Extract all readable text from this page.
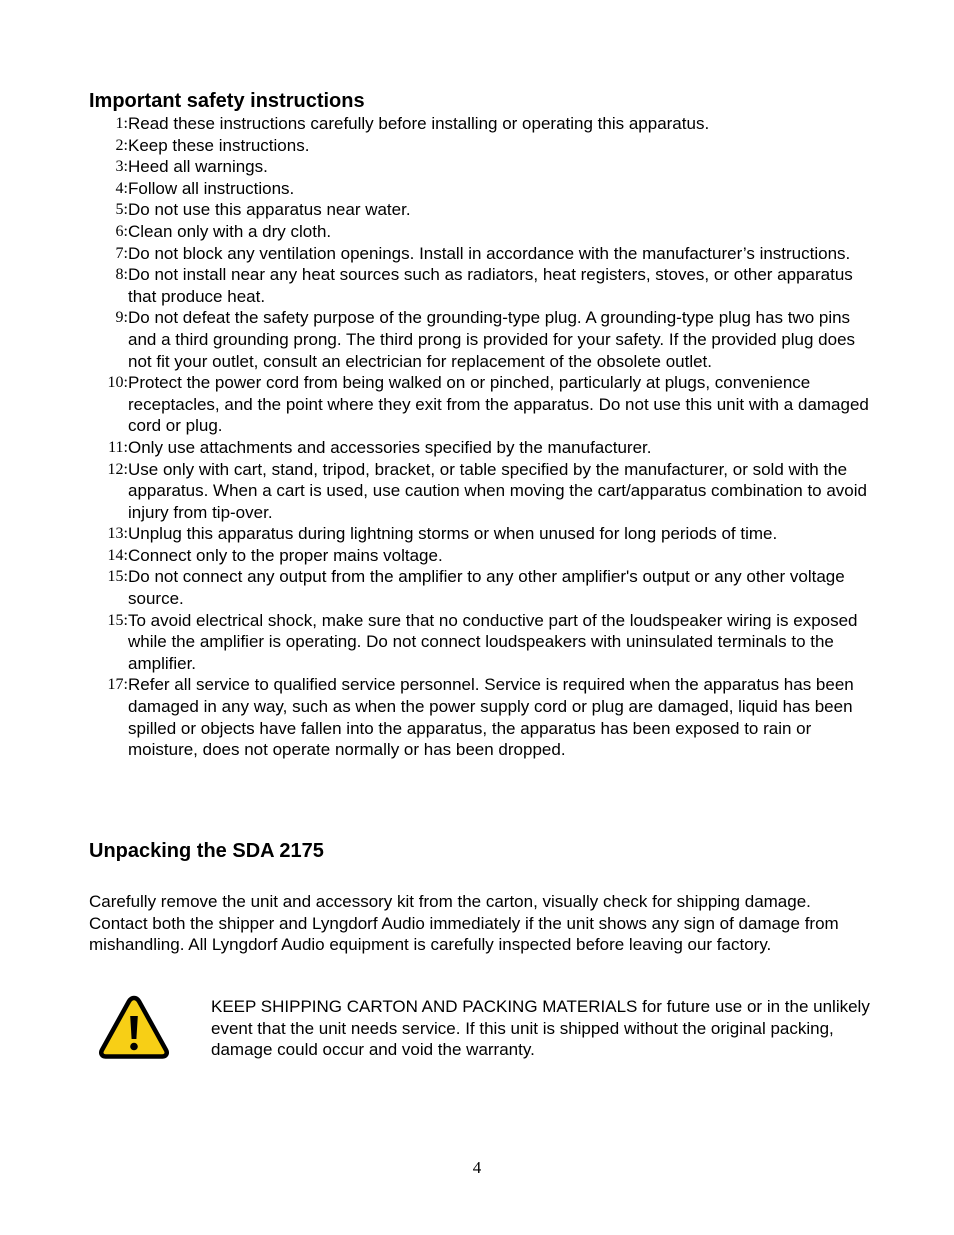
Important safety instructions
1: Read these instructions carefully before installing or operating this apparatus.
2: Keep these instructions.
3: Heed all warnings.
4: Follow all instructions.
5: Do not use this apparatus near water.
6: Clean only with a dry cloth.
7: Do not block any ventilation openings. Install in accordance with the manufacturer’s instructions.
8: Do not install near any heat sources such as radiators, heat registers, stoves, or other apparatus that produce heat.
9: Do not defeat the safety purpose of the grounding-type plug. A grounding-type plug has two pins and a third grounding prong. The third prong is provided for your safety. If the provided plug does not fit your outlet, consult an electrician for replacement of the obsolete outlet.
10: Protect the power cord from being walked on or pinched, particularly at plugs, convenience receptacles, and the point where they exit from the apparatus. Do not use this unit with a damaged cord or plug.
11: Only use attachments and accessories specified by the manufacturer.
12: Use only with cart, stand, tripod, bracket, or table specified by the manufacturer, or sold with the apparatus. When a cart is used, use caution when moving the cart/apparatus combination to avoid injury from tip-over.
13: Unplug this apparatus during lightning storms or when unused for long periods of time.
14: Connect only to the proper mains voltage.
15: Do not connect any output from the amplifier to any other amplifier's output or any other voltage source.
15: To avoid electrical shock, make sure that no conductive part of the loudspeaker wiring is exposed while the amplifier is operating. Do not connect loudspeakers with uninsulated terminals to the amplifier.
17: Refer all service to qualified service personnel. Service is required when the apparatus has been damaged in any way, such as when the power supply cord or plug are damaged, liquid has been spilled or objects have fallen into the apparatus, the apparatus has been exposed to rain or moisture, does not operate normally or has been dropped.
Unpacking the SDA 2175

Carefully remove the unit and accessory kit from the carton, visually check for shipping damage. Contact both the shipper and Lyngdorf Audio immediately if the unit shows any sign of damage from mishandling. All Lyngdorf Audio equipment is carefully inspected before leaving our factory.

KEEP SHIPPING CARTON AND PACKING MATERIALS for future use or in the unlikely event that the unit needs service. If this unit is shipped without the original packing, damage could occur and void the warranty.

4
